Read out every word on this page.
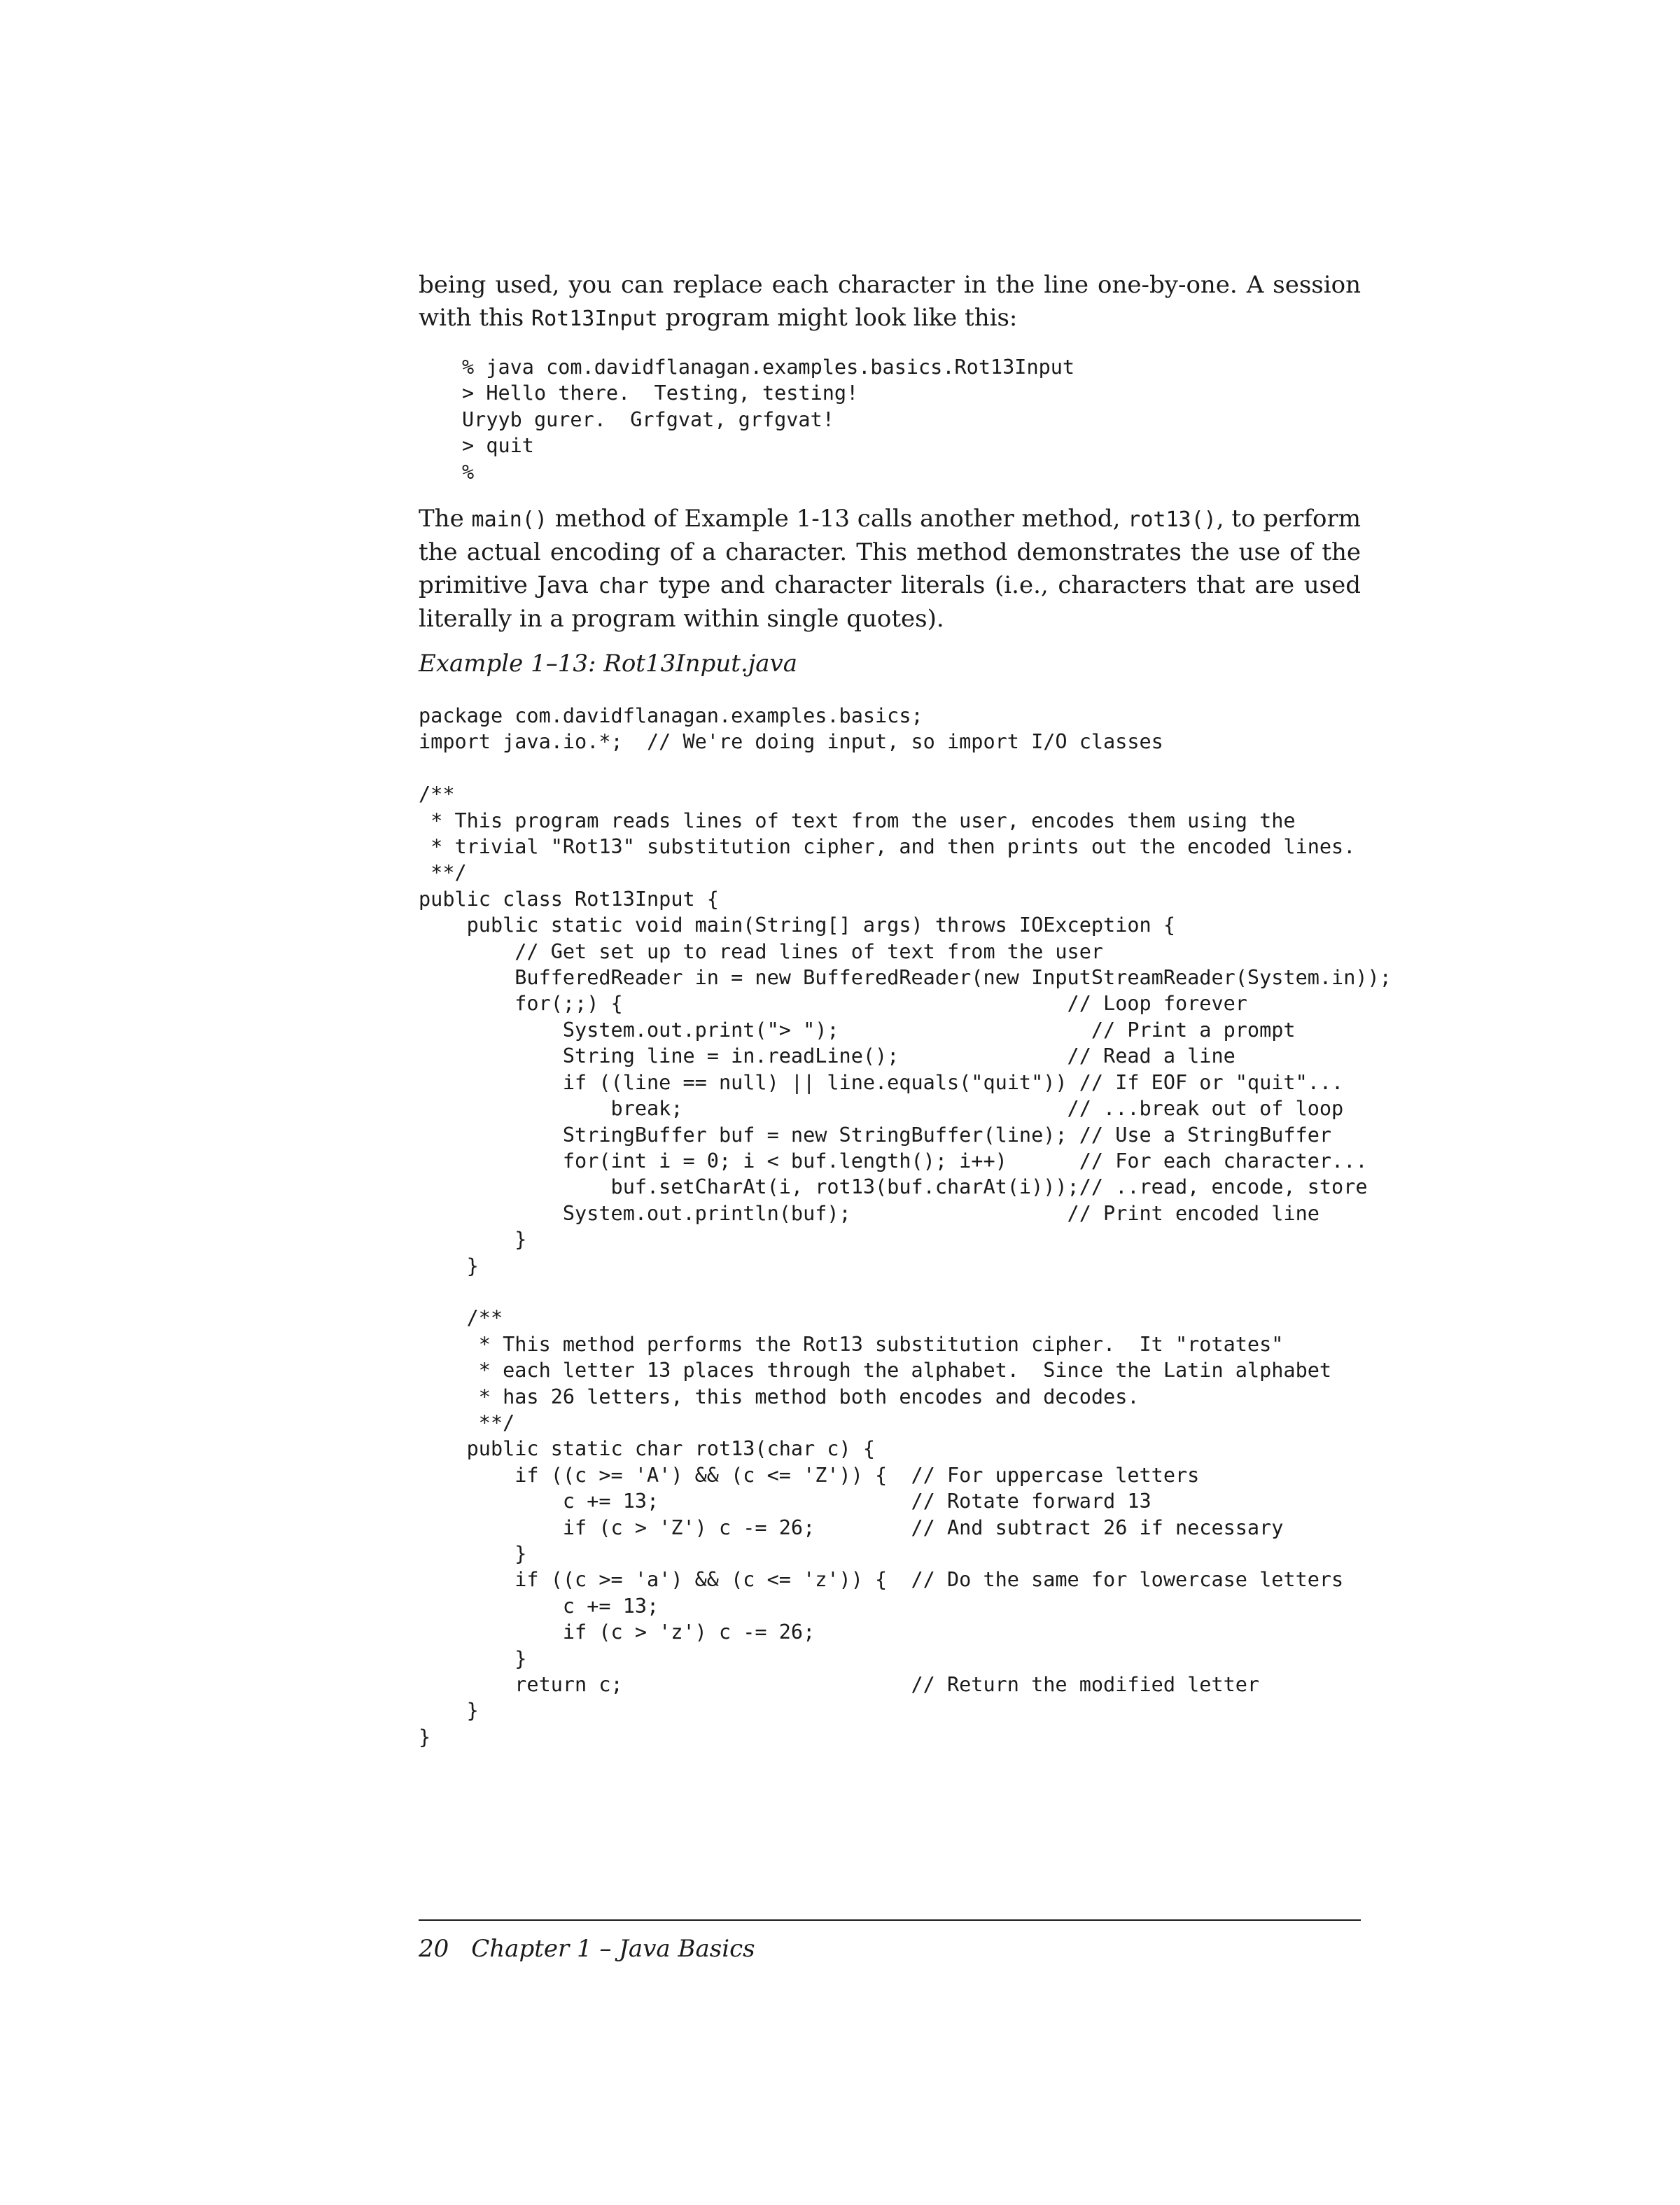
being used, you can replace each character in the line one-by-one. A session with this Rot13Input program might look like this:

% java com.davidflanagan.examples.basics.Rot13Input
> Hello there.  Testing, testing!
Uryyb gurer.  Grfgvat, grfgvat!
> quit
%

The main() method of Example 1-13 calls another method, rot13(), to perform the actual encoding of a character. This method demonstrates the use of the primitive Java char type and character literals (i.e., characters that are used literally in a program within single quotes).

Example 1–13: Rot13Input.java

package com.davidflanagan.examples.basics;
import java.io.*;  // We're doing input, so import I/O classes

/**
* This program reads lines of text from the user, encodes them using the
* trivial "Rot13" substitution cipher, and then prints out the encoded lines.
**/
public class Rot13Input {
public static void main(String[] args) throws IOException {
// Get set up to read lines of text from the user
BufferedReader in = new BufferedReader(new InputStreamReader(System.in));
for(;;) {                                     // Loop forever
System.out.print("> ");                     // Print a prompt
String line = in.readLine();              // Read a line
if ((line == null) || line.equals("quit")) // If EOF or "quit"...
break;                                // ...break out of loop
StringBuffer buf = new StringBuffer(line); // Use a StringBuffer
for(int i = 0; i < buf.length(); i++)      // For each character...
buf.setCharAt(i, rot13(buf.charAt(i)));// ..read, encode, store
System.out.println(buf);                  // Print encoded line
}
}

/**
* This method performs the Rot13 substitution cipher.  It "rotates"
* each letter 13 places through the alphabet.  Since the Latin alphabet
* has 26 letters, this method both encodes and decodes.
**/
public static char rot13(char c) {
if ((c >= 'A') && (c <= 'Z')) {  // For uppercase letters
c += 13;                     // Rotate forward 13
if (c > 'Z') c -= 26;        // And subtract 26 if necessary
}
if ((c >= 'a') && (c <= 'z')) {  // Do the same for lowercase letters
c += 13;
if (c > 'z') c -= 26;
}
return c;                        // Return the modified letter
}
}
20 Chapter 1 – Java Basics
